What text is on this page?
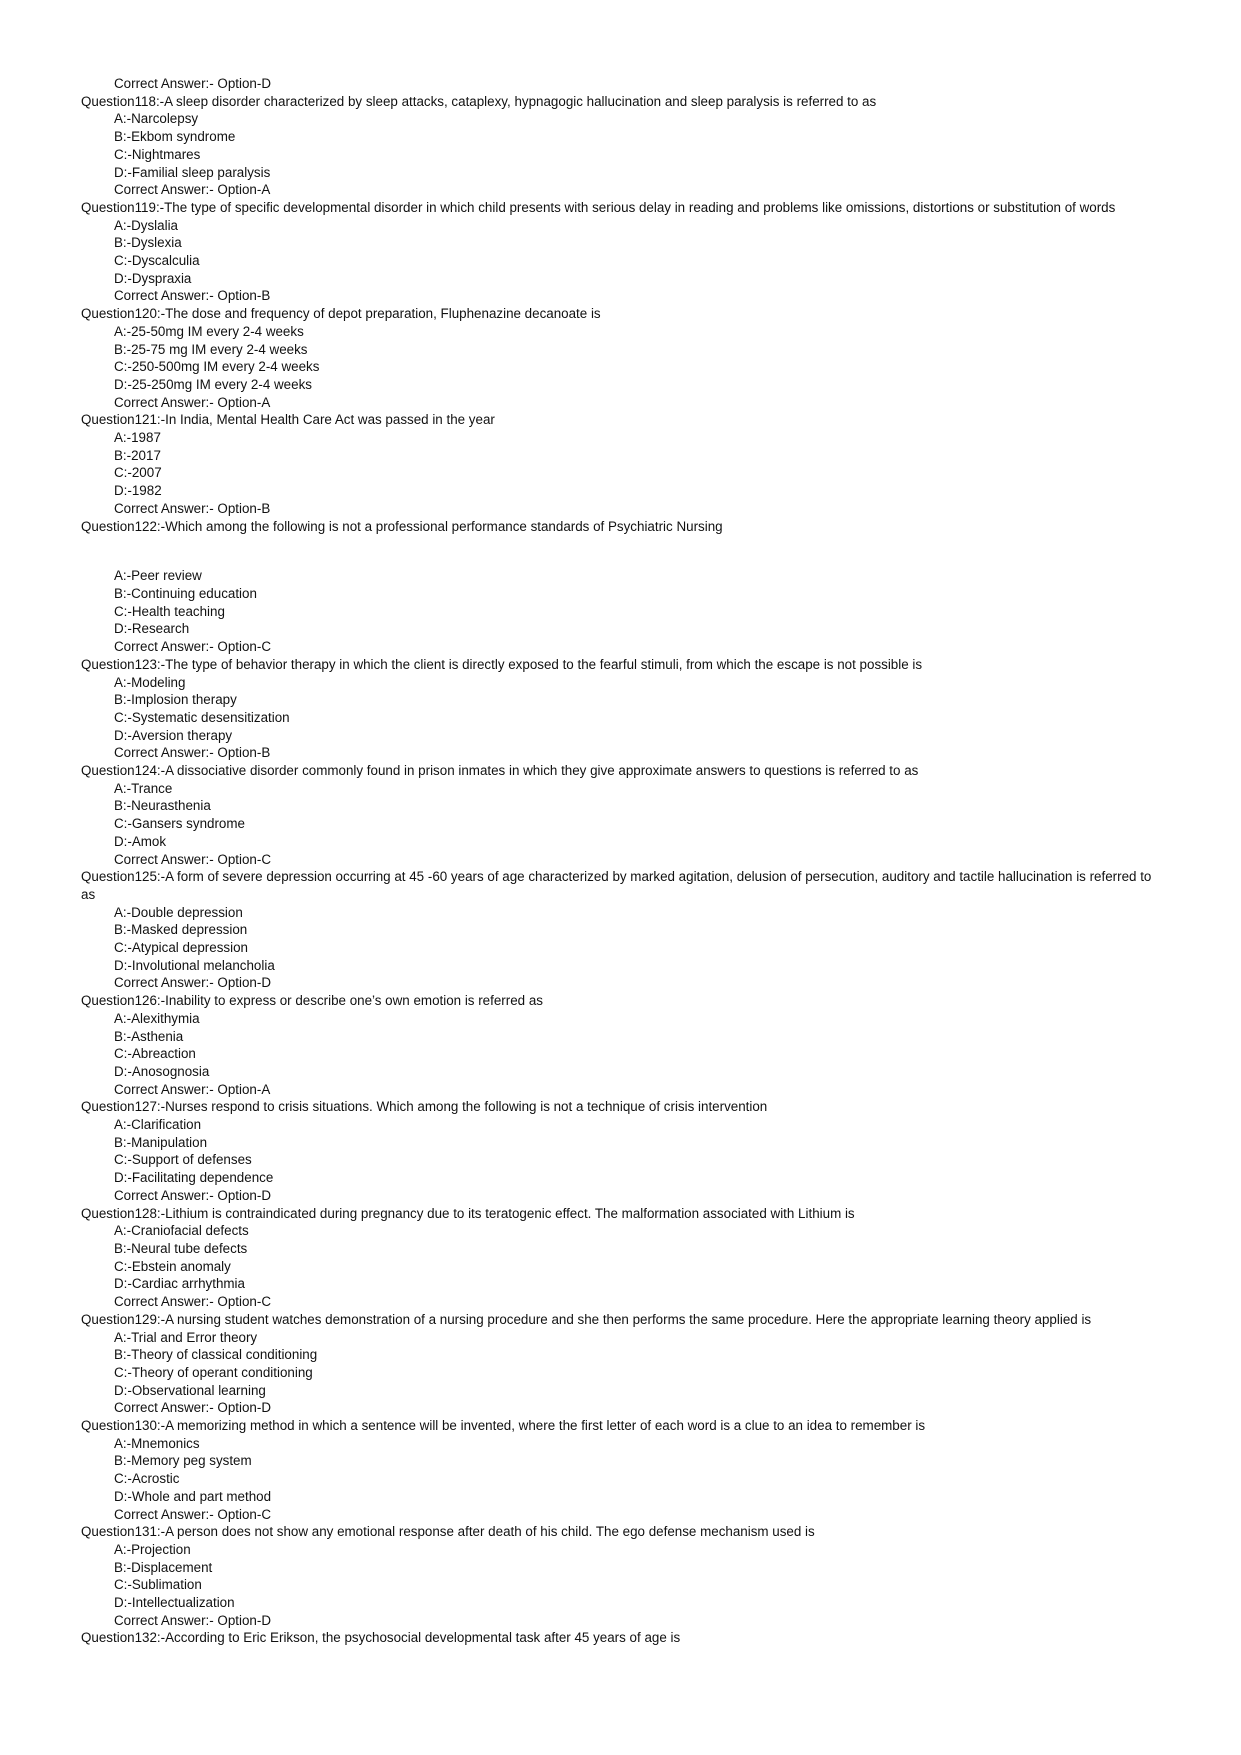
Correct Answer:- Option-D
Question118:-A sleep disorder characterized by sleep attacks, cataplexy, hypnagogic hallucination and sleep paralysis is referred to as
A:-Narcolepsy
B:-Ekbom syndrome
C:-Nightmares
D:-Familial sleep paralysis
Correct Answer:- Option-A
Question119:-The type of specific developmental disorder in which child presents with serious delay in reading and problems like omissions, distortions or substitution of words
A:-Dyslalia
B:-Dyslexia
C:-Dyscalculia
D:-Dyspraxia
Correct Answer:- Option-B
Question120:-The dose and frequency of depot preparation, Fluphenazine decanoate is
A:-25-50mg IM every 2-4 weeks
B:-25-75 mg IM every 2-4 weeks
C:-250-500mg IM every 2-4 weeks
D:-25-250mg IM every 2-4 weeks
Correct Answer:- Option-A
Question121:-In India, Mental Health Care Act was passed in the year
A:-1987
B:-2017
C:-2007
D:-1982
Correct Answer:- Option-B
Question122:-Which among the following is not a professional performance standards of Psychiatric Nursing
A:-Peer review
B:-Continuing education
C:-Health teaching
D:-Research
Correct Answer:- Option-C
Question123:-The type of behavior therapy in which the client is directly exposed to the fearful stimuli, from which the escape is not possible is
A:-Modeling
B:-Implosion therapy
C:-Systematic desensitization
D:-Aversion therapy
Correct Answer:- Option-B
Question124:-A dissociative disorder commonly found in prison inmates in which they give approximate answers to questions is referred to as
A:-Trance
B:-Neurasthenia
C:-Gansers syndrome
D:-Amok
Correct Answer:- Option-C
Question125:-A form of severe depression occurring at 45 -60 years of age characterized by marked agitation, delusion of persecution, auditory and tactile hallucination is referred to as
A:-Double depression
B:-Masked depression
C:-Atypical depression
D:-Involutional melancholia
Correct Answer:- Option-D
Question126:-Inability to express or describe one’s own emotion is referred as
A:-Alexithymia
B:-Asthenia
C:-Abreaction
D:-Anosognosia
Correct Answer:- Option-A
Question127:-Nurses respond to crisis situations. Which among the following is not a technique of crisis intervention
A:-Clarification
B:-Manipulation
C:-Support of defenses
D:-Facilitating dependence
Correct Answer:- Option-D
Question128:-Lithium is contraindicated during pregnancy due to its teratogenic effect. The malformation associated with Lithium is
A:-Craniofacial defects
B:-Neural tube defects
C:-Ebstein anomaly
D:-Cardiac arrhythmia
Correct Answer:- Option-C
Question129:-A nursing student watches demonstration of a nursing procedure and she then performs the same procedure. Here the appropriate learning theory applied is
A:-Trial and Error theory
B:-Theory of classical conditioning
C:-Theory of operant conditioning
D:-Observational learning
Correct Answer:- Option-D
Question130:-A memorizing method in which a sentence will be invented, where the first letter of each word is a clue to an idea to remember is
A:-Mnemonics
B:-Memory peg system
C:-Acrostic
D:-Whole and part method
Correct Answer:- Option-C
Question131:-A person does not show any emotional response after death of his child. The ego defense mechanism used is
A:-Projection
B:-Displacement
C:-Sublimation
D:-Intellectualization
Correct Answer:- Option-D
Question132:-According to Eric Erikson, the psychosocial developmental task after 45 years of age is
